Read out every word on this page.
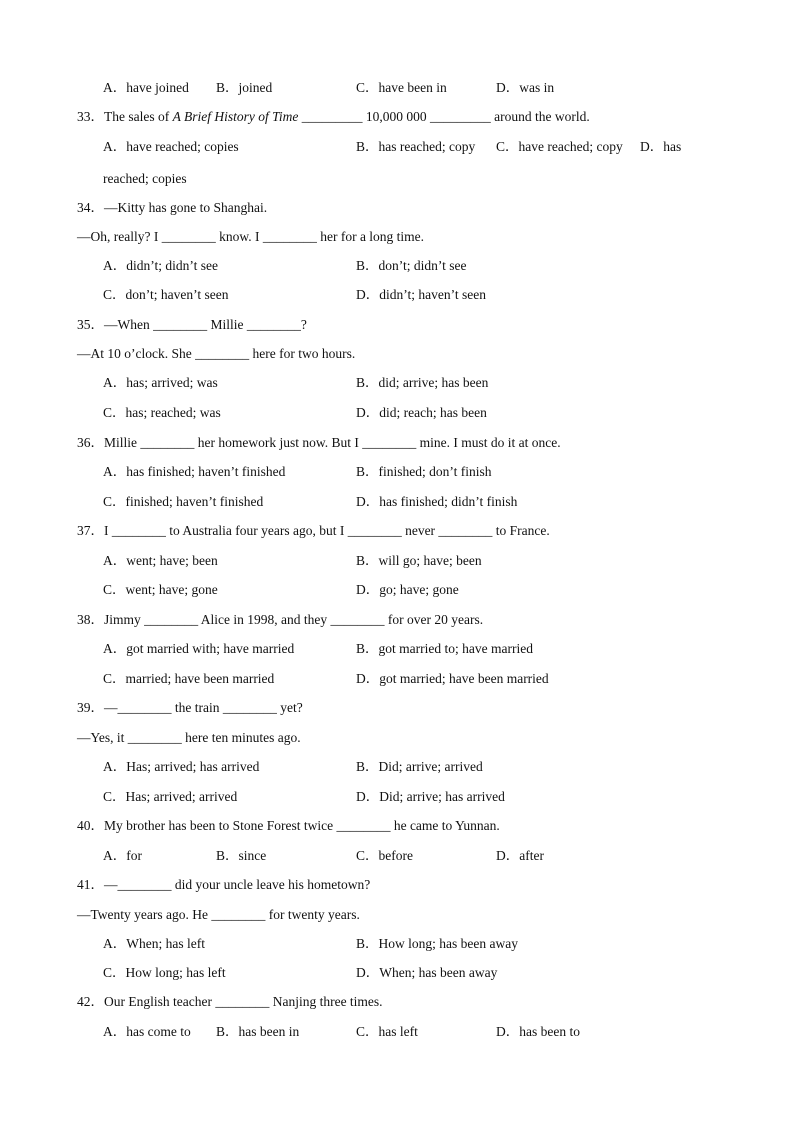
A．have joined B．joined	C．have been in	D．was in
33．The sales of A Brief History of Time _________ 10,000 000 _________ around the world.
A．have reached; copies	B．has reached; copy C．have reached; copy D．has
reached; copies
34．—Kitty has gone to Shanghai.
—Oh, really? I ________ know. I ________ her for a long time.
A．didn’t; didn’t see	B．don’t; didn’t see
C．don’t; haven’t seen	D．didn’t; haven’t seen
35．—When ________ Millie ________?
—At 10 o’clock. She ________ here for two hours.
A．has; arrived; was	B．did; arrive; has been
C．has; reached; was	D．did; reach; has been
36．Millie ________ her homework just now. But I ________ mine. I must do it at once.
A．has finished; haven’t finished	B．finished; don’t finish
C．finished; haven’t finished	D．has finished; didn’t finish
37．I ________ to Australia four years ago, but I ________ never ________ to France.
A．went; have; been	B．will go; have; been
C．went; have; gone	D．go; have; gone
38．Jimmy ________ Alice in 1998, and they ________ for over 20 years.
A．got married with; have married	B．got married to; have married
C．married; have been married	D．got married; have been married
39．—________ the train ________ yet?
—Yes, it ________ here ten minutes ago.
A．Has; arrived; has arrived	B．Did; arrive; arrived
C．Has; arrived; arrived	D．Did; arrive; has arrived
40．My brother has been to Stone Forest twice ________ he came to Yunnan.
A．for	B．since	C．before	D．after
41．—________ did your uncle leave his hometown?
—Twenty years ago. He ________ for twenty years.
A．When; has left	B．How long; has been away
C．How long; has left	D．When; has been away
42．Our English teacher ________ Nanjing three times.
A．has come to B．has been in	C．has left	D．has been to
